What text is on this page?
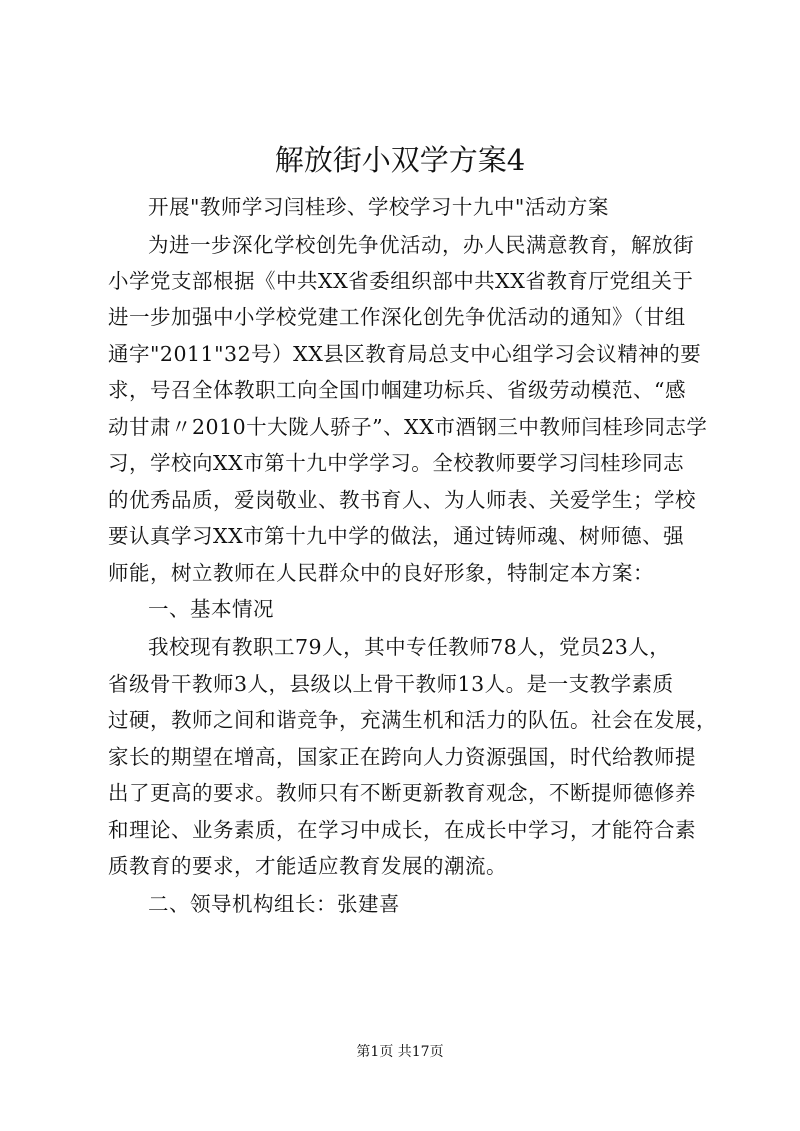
解放街小双学方案4
开展"教师学习闫桂珍、学校学习十九中"活动方案
为进一步深化学校创先争优活动，办人民满意教育，解放街
小学党支部根据《中共XX省委组织部中共XX省教育厅党组关于
进一步加强中小学校党建工作深化创先争优活动的通知》（甘组
通字"2011"32号）XX县区教育局总支中心组学习会议精神的要
求，号召全体教职工向全国巾帼建功标兵、省级劳动模范、“感
动甘肃〃2010十大陇人骄子”、XX市酒钢三中教师闫桂珍同志学
习，学校向XX市第十九中学学习。全校教师要学习闫桂珍同志
的优秀品质，爱岗敬业、教书育人、为人师表、关爱学生；学校
要认真学习XX市第十九中学的做法，通过铸师魂、树师德、强
师能，树立教师在人民群众中的良好形象，特制定本方案：
一、基本情况
我校现有教职工79人，其中专任教师78人，党员23人，
省级骨干教师3人，县级以上骨干教师13人。是一支教学素质
过硬，教师之间和谐竞争，充满生机和活力的队伍。社会在发展，
家长的期望在增高，国家正在跨向人力资源强国，时代给教师提
出了更高的要求。教师只有不断更新教育观念，不断提师德修养
和理论、业务素质，在学习中成长，在成长中学习，才能符合素
质教育的要求，才能适应教育发展的潮流。
二、领导机构组长：张建喜
第1页 共17页
